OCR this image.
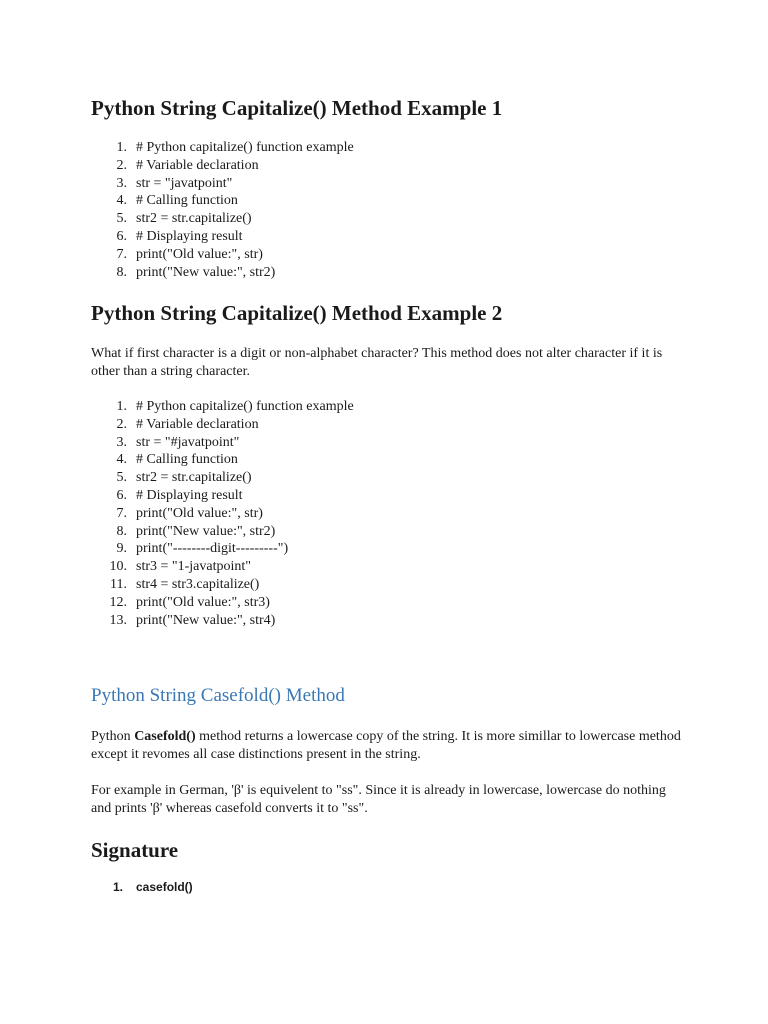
Python String Capitalize() Method Example 1
1. # Python capitalize() function example
2. # Variable declaration
3. str = "javatpoint"
4. # Calling function
5. str2 = str.capitalize()
6. # Displaying result
7. print("Old value:", str)
8. print("New value:", str2)
Python String Capitalize() Method Example 2

What if first character is a digit or non-alphabet character? This method does not alter character if it is other than a string character.

1. # Python capitalize() function example
2. # Variable declaration
3. str = "#javatpoint"
4. # Calling function
5. str2 = str.capitalize()
6. # Displaying result
7. print("Old value:", str)
8. print("New value:", str2)
9. print("--------digit---------")
10. str3 = "1-javatpoint"
11. str4 = str3.capitalize()
12. print("Old value:", str3)
13. print("New value:", str4)
Python String Casefold() Method

Python Casefold() method returns a lowercase copy of the string. It is more simillar to lowercase method except it revomes all case distinctions present in the string.

For example in German, 'β' is equivelent to "ss". Since it is already in lowercase, lowercase do nothing and prints 'β' whereas casefold converts it to "ss".

Signature
1. casefold()
